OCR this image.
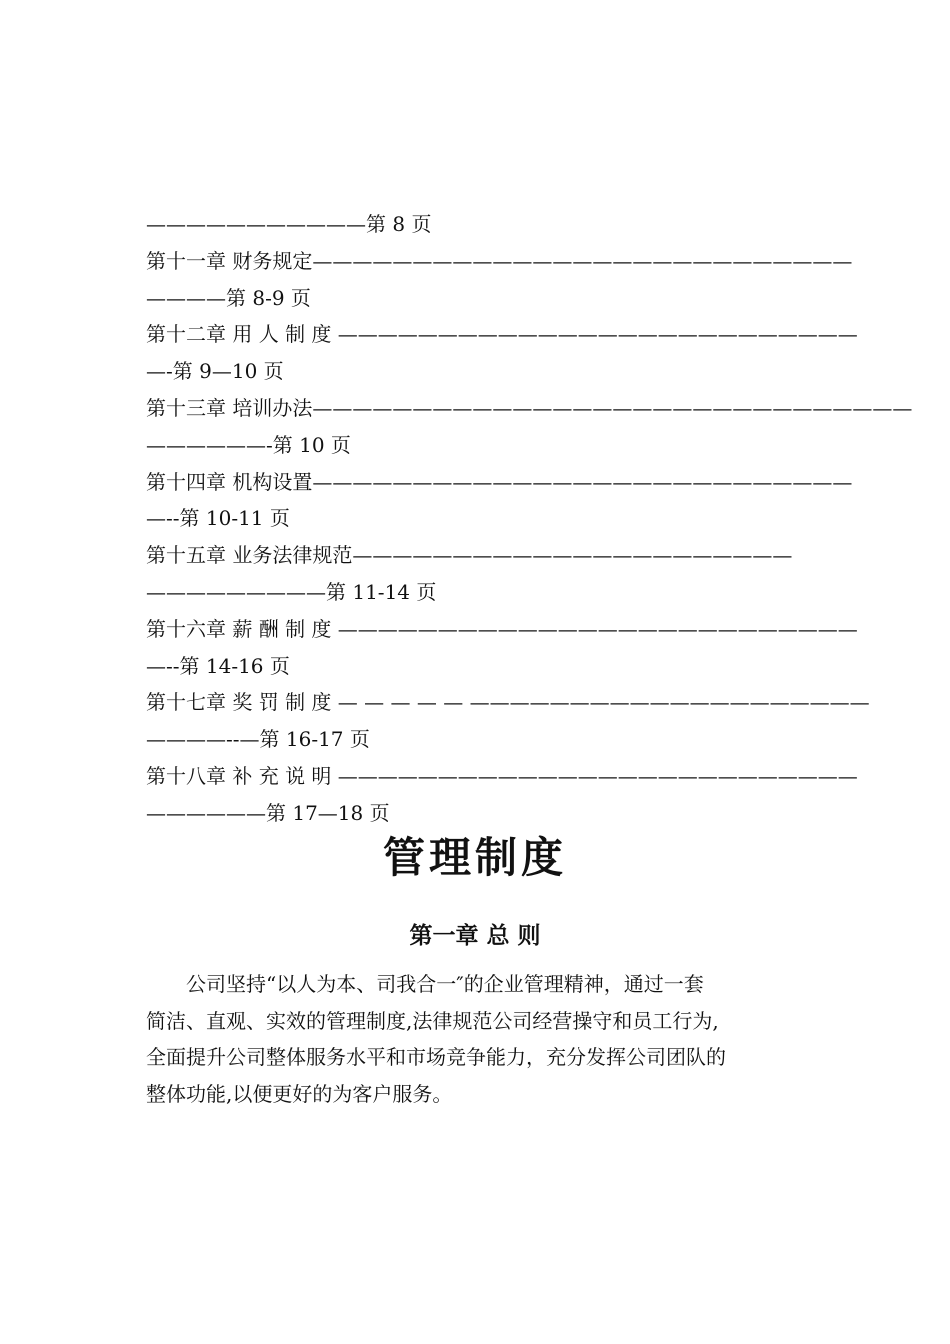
———————————第 8 页
第十一章 财务规定———————————————————————————
————第 8-9 页
第十二章 用 人 制 度 ——————————————————————————
—-第 9—10 页
第十三章 培训办法——————————————————————————————
——————-第 10 页
第十四章 机构设置———————————————————————————
—--第 10-11 页
第十五章 业务法律规范——————————————————————
—————————第 11-14 页
第十六章 薪 酬 制 度 ——————————————————————————
—--第 14-16 页
第十七章 奖 罚 制 度 — — — — — ————————————————————
————--—第 16-17 页
第十八章 补 充 说 明 ——————————————————————————
——————第 17—18 页
管理制度
第一章 总 则
　　公司坚持“以人为本、司我合一″的企业管理精神，通过一套
简洁、直观、实效的管理制度,法律规范公司经营操守和员工行为,
全面提升公司整体服务水平和市场竞争能力，充分发挥公司团队的
整体功能,以便更好的为客户服务。
